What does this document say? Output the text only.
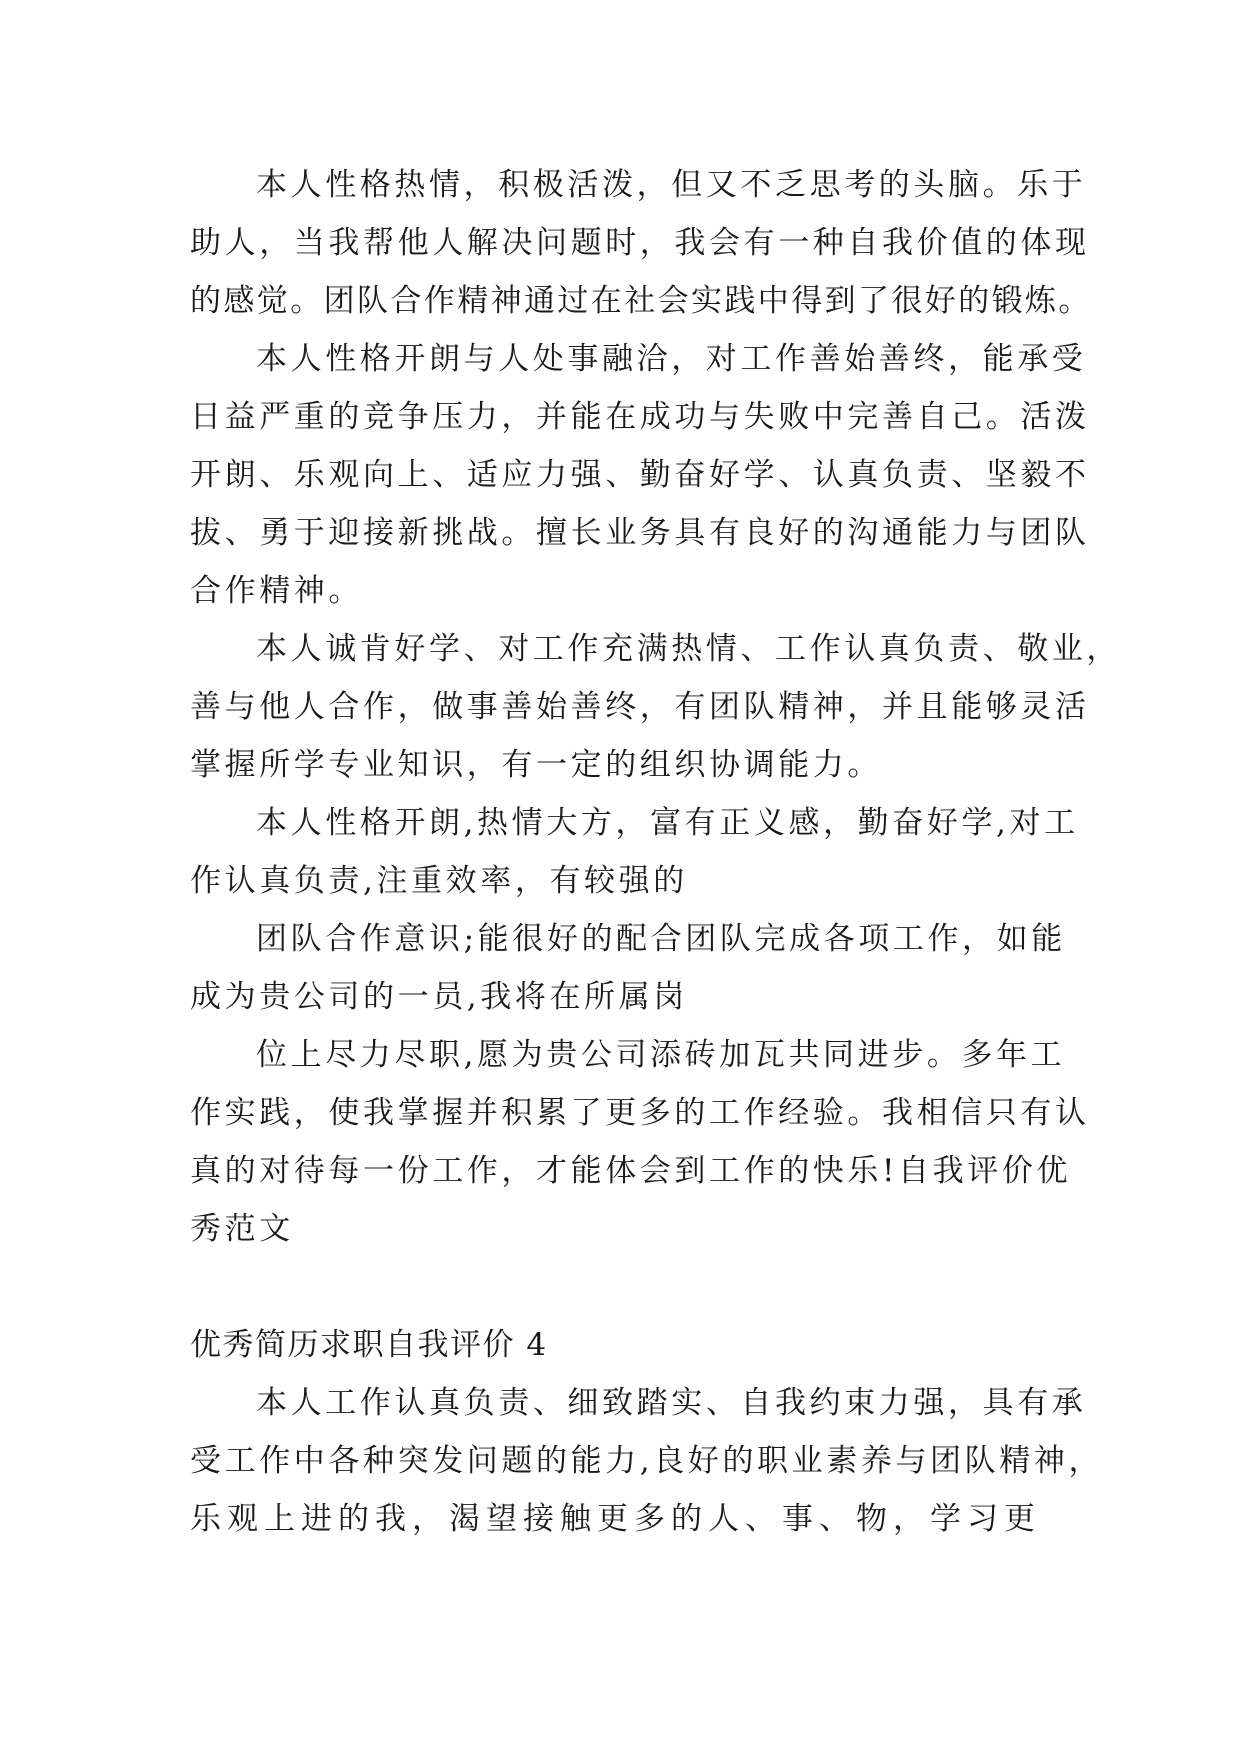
本人性格热情，积极活泼，但又不乏思考的头脑。乐于
助人，当我帮他人解决问题时，我会有一种自我价值的体现
的感觉。团队合作精神通过在社会实践中得到了很好的锻炼。
本人性格开朗与人处事融洽，对工作善始善终，能承受
日益严重的竞争压力，并能在成功与失败中完善自己。活泼
开朗、乐观向上、适应力强、勤奋好学、认真负责、坚毅不
拔、勇于迎接新挑战。擅长业务具有良好的沟通能力与团队
合作精神。
本人诚肯好学、对工作充满热情、工作认真负责、敬业，
善与他人合作，做事善始善终，有团队精神，并且能够灵活
掌握所学专业知识，有一定的组织协调能力。
本人性格开朗,热情大方，富有正义感，勤奋好学,对工
作认真负责,注重效率，有较强的
团队合作意识;能很好的配合团队完成各项工作，如能
成为贵公司的一员,我将在所属岗
位上尽力尽职,愿为贵公司添砖加瓦共同进步。多年工
作实践，使我掌握并积累了更多的工作经验。我相信只有认
真的对待每一份工作，才能体会到工作的快乐!自我评价优
秀范文
优秀简历求职自我评价 4
本人工作认真负责、细致踏实、自我约束力强，具有承
受工作中各种突发问题的能力,良好的职业素养与团队精神，
乐观上进的我，渴望接触更多的人、事、物，学习更
